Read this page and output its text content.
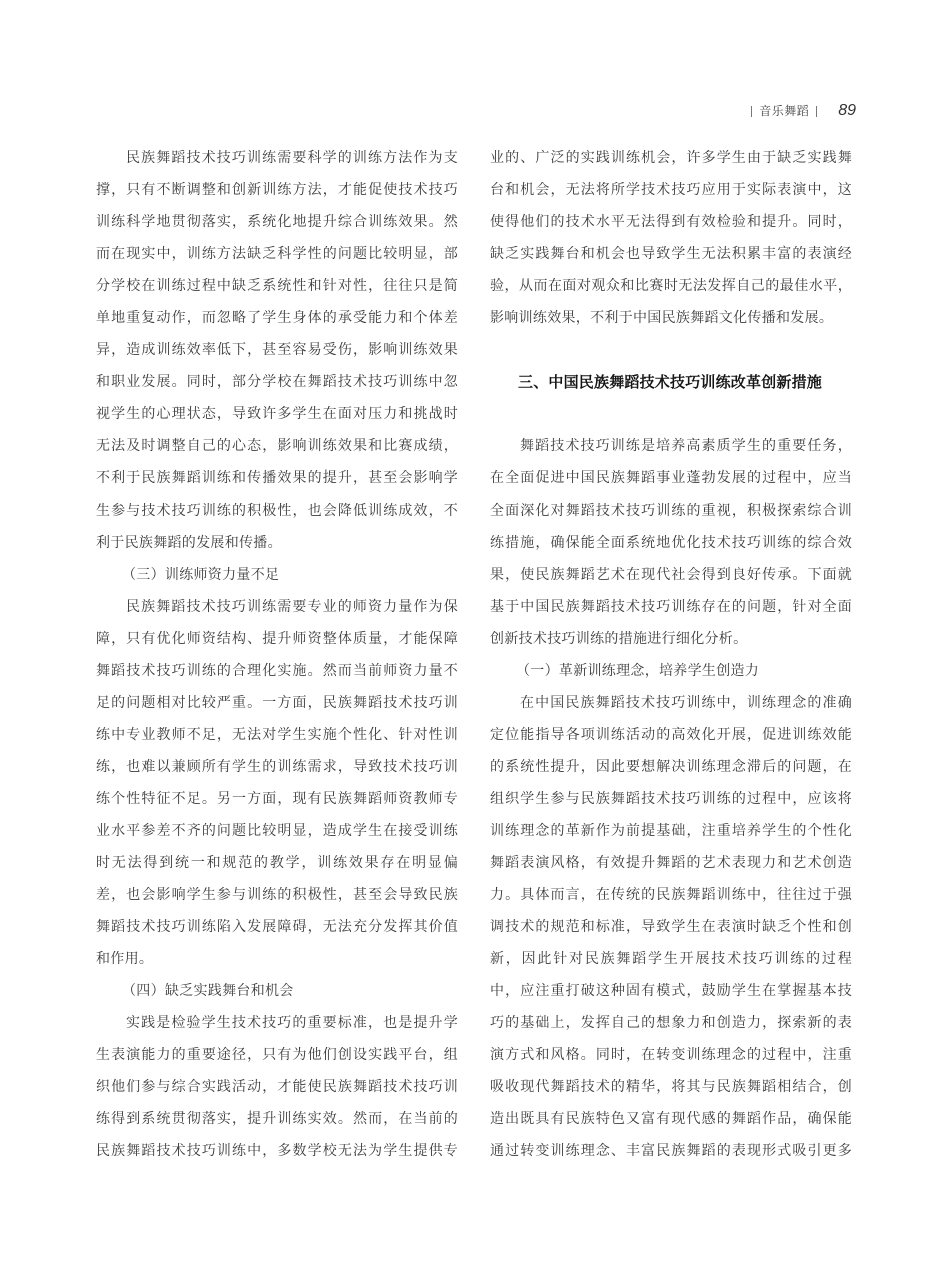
音乐舞蹈 89
民族舞蹈技术技巧训练需要科学的训练方法作为支
撑，只有不断调整和创新训练方法，才能促使技术技巧
训练科学地贯彻落实，系统化地提升综合训练效果。然
而在现实中，训练方法缺乏科学性的问题比较明显，部
分学校在训练过程中缺乏系统性和针对性，往往只是简
单地重复动作，而忽略了学生身体的承受能力和个体差
异，造成训练效率低下，甚至容易受伤，影响训练效果
和职业发展。同时，部分学校在舞蹈技术技巧训练中忽
视学生的心理状态，导致许多学生在面对压力和挑战时
无法及时调整自己的心态，影响训练效果和比赛成绩，
不利于民族舞蹈训练和传播效果的提升，甚至会影响学
生参与技术技巧训练的积极性，也会降低训练成效，不
利于民族舞蹈的发展和传播。
（三）训练师资力量不足
民族舞蹈技术技巧训练需要专业的师资力量作为保
障，只有优化师资结构、提升师资整体质量，才能保障
舞蹈技术技巧训练的合理化实施。然而当前师资力量不
足的问题相对比较严重。一方面，民族舞蹈技术技巧训
练中专业教师不足，无法对学生实施个性化、针对性训
练，也难以兼顾所有学生的训练需求，导致技术技巧训
练个性特征不足。另一方面，现有民族舞蹈师资教师专
业水平参差不齐的问题比较明显，造成学生在接受训练
时无法得到统一和规范的教学，训练效果存在明显偏
差，也会影响学生参与训练的积极性，甚至会导致民族
舞蹈技术技巧训练陷入发展障碍，无法充分发挥其价值
和作用。
（四）缺乏实践舞台和机会
实践是检验学生技术技巧的重要标准，也是提升学
生表演能力的重要途径，只有为他们创设实践平台，组
织他们参与综合实践活动，才能使民族舞蹈技术技巧训
练得到系统贯彻落实，提升训练实效。然而，在当前的
民族舞蹈技术技巧训练中，多数学校无法为学生提供专
业的、广泛的实践训练机会，许多学生由于缺乏实践舞
台和机会，无法将所学技术技巧应用于实际表演中，这
使得他们的技术水平无法得到有效检验和提升。同时，
缺乏实践舞台和机会也导致学生无法积累丰富的表演经
验，从而在面对观众和比赛时无法发挥自己的最佳水平，
影响训练效果，不利于中国民族舞蹈文化传播和发展。
三、中国民族舞蹈技术技巧训练改革创新措施
舞蹈技术技巧训练是培养高素质学生的重要任务，
在全面促进中国民族舞蹈事业蓬勃发展的过程中，应当
全面深化对舞蹈技术技巧训练的重视，积极探索综合训
练措施，确保能全面系统地优化技术技巧训练的综合效
果，使民族舞蹈艺术在现代社会得到良好传承。下面就
基于中国民族舞蹈技术技巧训练存在的问题，针对全面
创新技术技巧训练的措施进行细化分析。
（一）革新训练理念，培养学生创造力
在中国民族舞蹈技术技巧训练中，训练理念的准确
定位能指导各项训练活动的高效化开展，促进训练效能
的系统性提升，因此要想解决训练理念滞后的问题，在
组织学生参与民族舞蹈技术技巧训练的过程中，应该将
训练理念的革新作为前提基础，注重培养学生的个性化
舞蹈表演风格，有效提升舞蹈的艺术表现力和艺术创造
力。具体而言，在传统的民族舞蹈训练中，往往过于强
调技术的规范和标准，导致学生在表演时缺乏个性和创
新，因此针对民族舞蹈学生开展技术技巧训练的过程
中，应注重打破这种固有模式，鼓励学生在掌握基本技
巧的基础上，发挥自己的想象力和创造力，探索新的表
演方式和风格。同时，在转变训练理念的过程中，注重
吸收现代舞蹈技术的精华，将其与民族舞蹈相结合，创
造出既具有民族特色又富有现代感的舞蹈作品，确保能
通过转变训练理念、丰富民族舞蹈的表现形式吸引更多
